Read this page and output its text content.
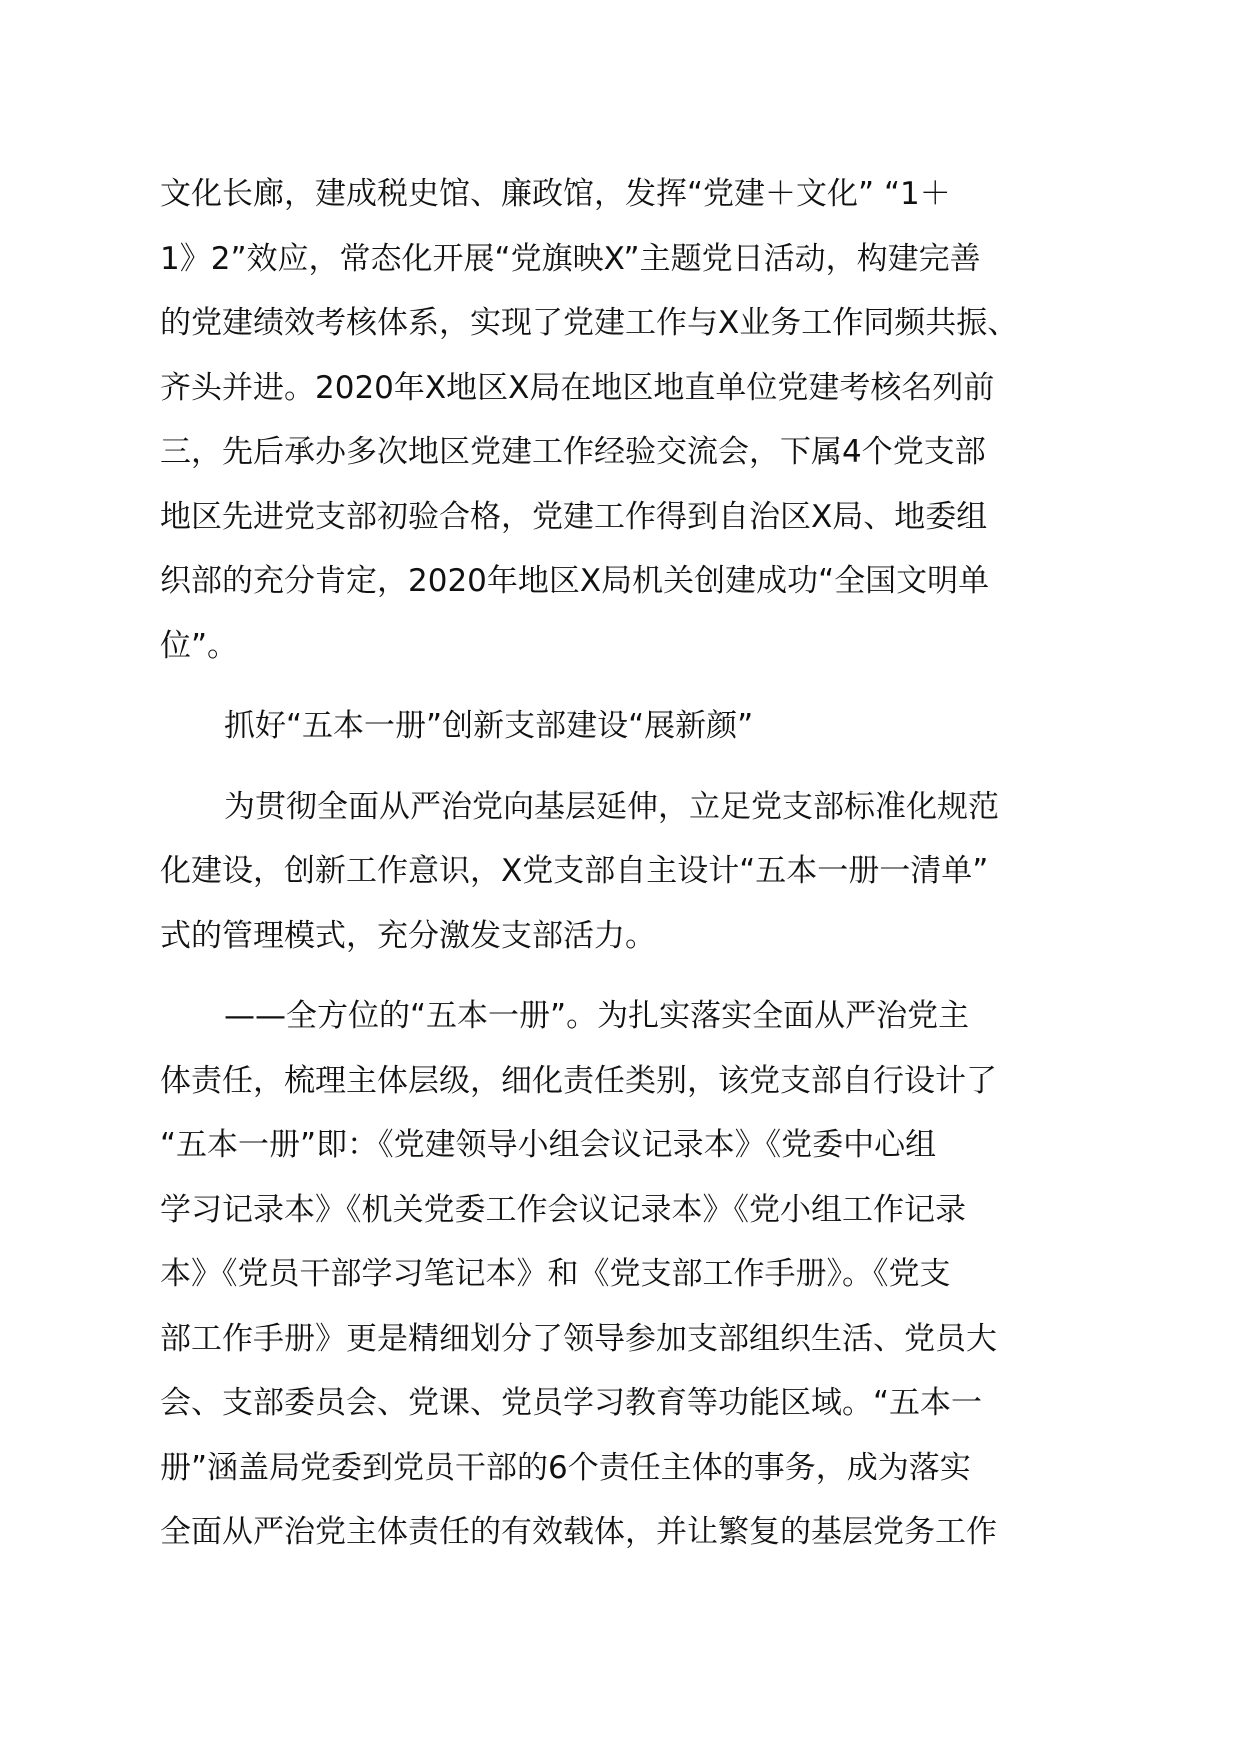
文化长廊，建成税史馆、廉政馆，发挥“党建＋文化” “1＋
1》2”效应，常态化开展“党旗映X”主题党日活动，构建完善
的党建绩效考核体系，实现了党建工作与X业务工作同频共振、
齐头并进。2020年X地区X局在地区地直单位党建考核名列前
三，先后承办多次地区党建工作经验交流会，下属4个党支部
地区先进党支部初验合格，党建工作得到自治区X局、地委组
织部的充分肯定，2020年地区X局机关创建成功“全国文明单
位”。
抓好“五本一册”创新支部建设“展新颜”
为贯彻全面从严治党向基层延伸，立足党支部标准化规范
化建设，创新工作意识，X党支部自主设计“五本一册一清单”
式的管理模式，充分激发支部活力。
——全方位的“五本一册”。为扎实落实全面从严治党主
体责任，梳理主体层级，细化责任类别，该党支部自行设计了
“五本一册”即：《党建领导小组会议记录本》《党委中心组
学习记录本》《机关党委工作会议记录本》《党小组工作记录
本》《党员干部学习笔记本》和《党支部工作手册》。《党支
部工作手册》更是精细划分了领导参加支部组织生活、党员大
会、支部委员会、党课、党员学习教育等功能区域。“五本一
册”涵盖局党委到党员干部的6个责任主体的事务，成为落实
全面从严治党主体责任的有效载体，并让繁复的基层党务工作
